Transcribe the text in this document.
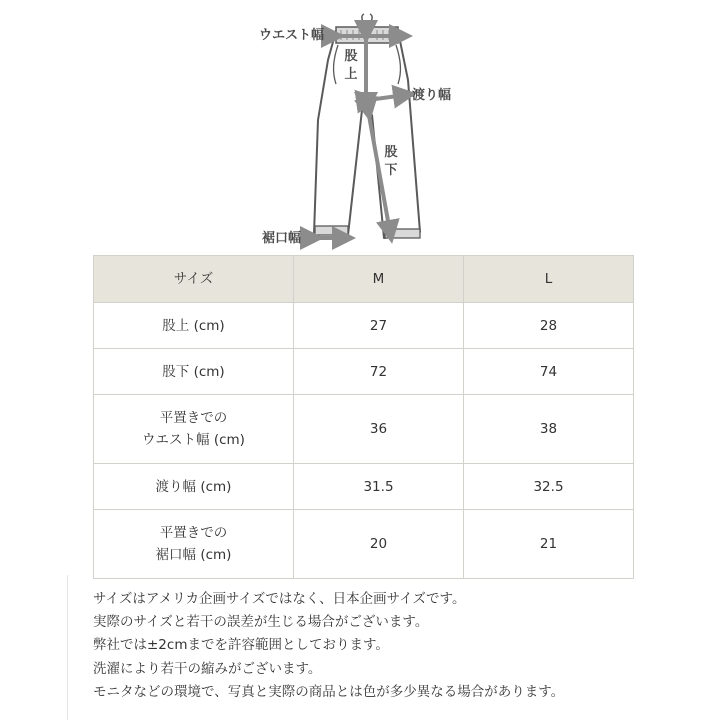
ウエスト幅
股
上
渡り幅
股
下
裾口幅
サイズ	M	L

股上 (cm)	27	28

股下 (cm)	72	74

平置きでの
ウエスト幅 (cm)	36	38

渡り幅 (cm)	31.5	32.5

平置きでの
裾口幅 (cm)	20	21

サイズはアメリカ企画サイズではなく、日本企画サイズです。

実際のサイズと若干の誤差が生じる場合がございます。

弊社では±2cmまでを許容範囲としております。

洗濯により若干の縮みがございます。

モニタなどの環境で、写真と実際の商品とは色が多少異なる場合があります。
